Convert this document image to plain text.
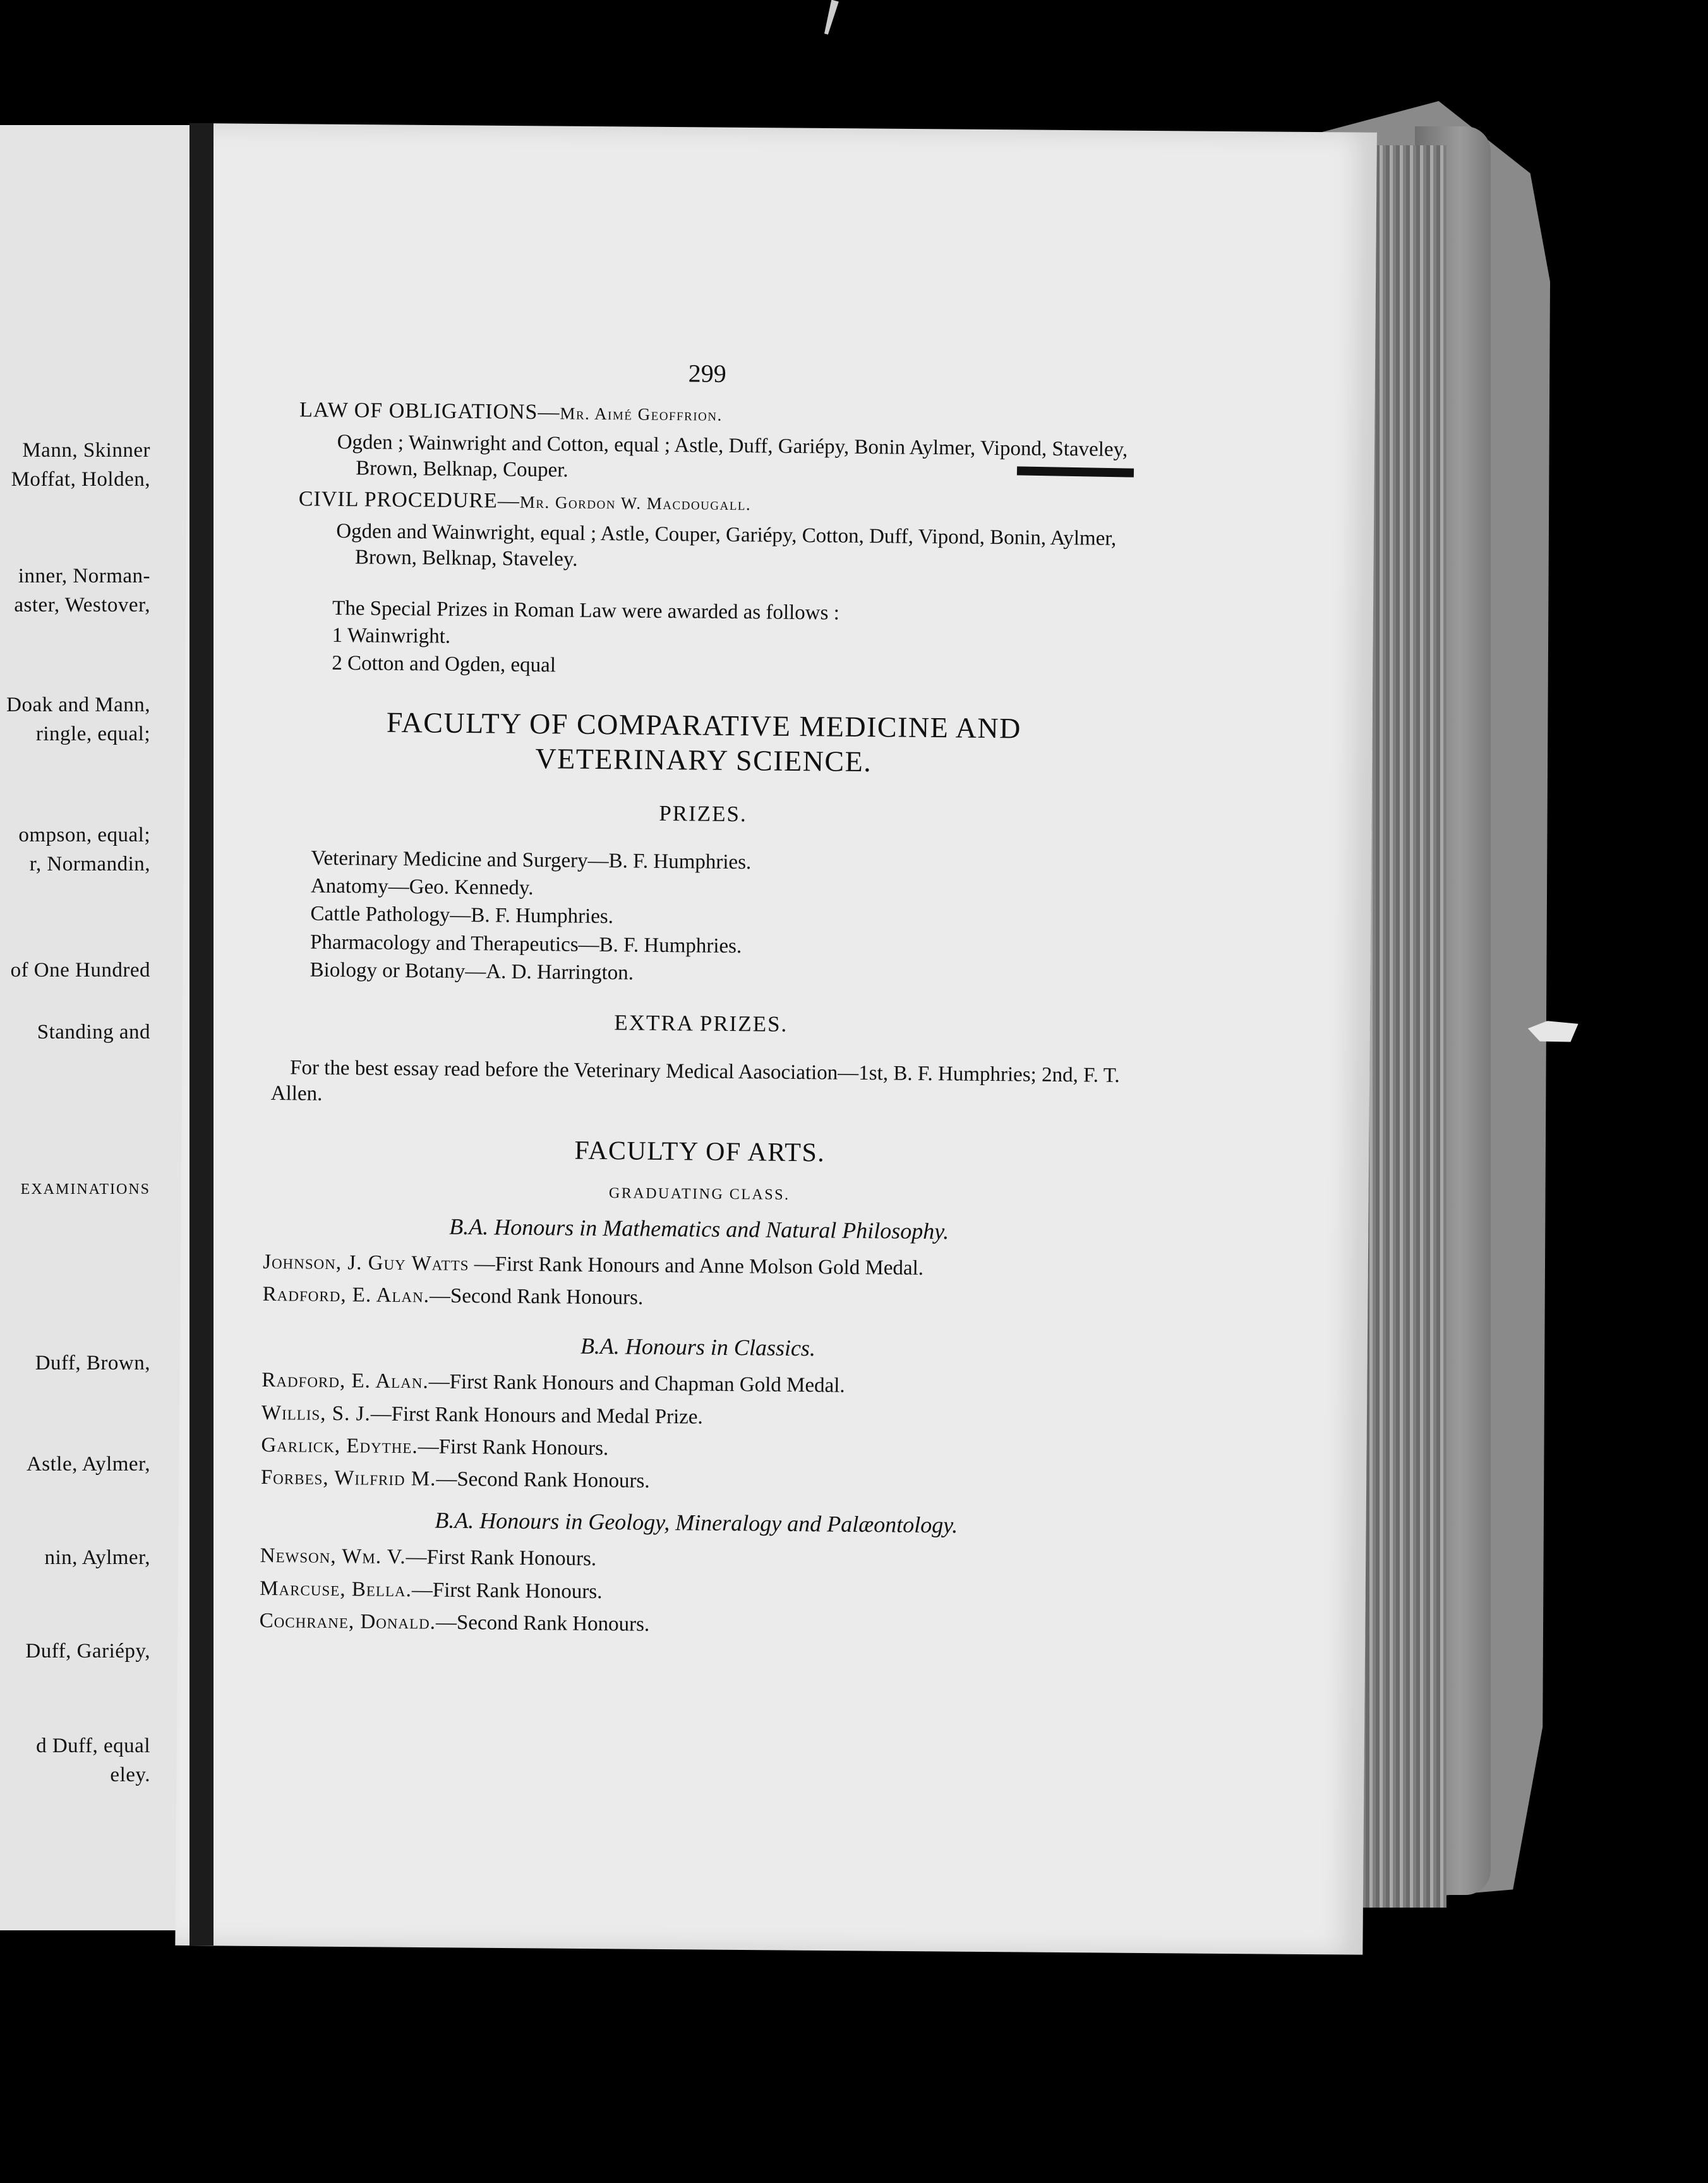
Mann, Skinner
Moffat, Holden,
inner, Norman-
aster, Westover,
Doak and Mann,
ringle, equal;
ompson, equal;
r, Normandin,
of One Hundred
Standing and
EXAMINATIONS
Duff, Brown,
Astle, Aylmer,
nin, Aylmer,
Duff, Gariépy,
d Duff, equal
eley.
299
LAW OF OBLIGATIONS—Mr. Aimé Geoffrion.
Ogden ; Wainwright and Cotton, equal ; Astle, Duff, Gariépy, Bonin Aylmer, Vipond, Staveley, Brown, Belknap, Couper.
CIVIL PROCEDURE—Mr. Gordon W. Macdougall.
Ogden and Wainwright, equal ; Astle, Couper, Gariépy, Cotton, Duff, Vipond, Bonin, Aylmer, Brown, Belknap, Staveley.
The Special Prizes in Roman Law were awarded as follows :
1 Wainwright.
2 Cotton and Ogden, equal
FACULTY OF COMPARATIVE MEDICINE AND
VETERINARY SCIENCE.
PRIZES.
Veterinary Medicine and Surgery—B. F. Humphries.
Anatomy—Geo. Kennedy.
Cattle Pathology—B. F. Humphries.
Pharmacology and Therapeutics—B. F. Humphries.
Biology or Botany—A. D. Harrington.
EXTRA PRIZES.
For the best essay read before the Veterinary Medical Aasociation—1st, B. F. Humphries; 2nd, F. T. Allen.
FACULTY OF ARTS.
GRADUATING CLASS.
B.A. Honours in Mathematics and Natural Philosophy.
Johnson, J. Guy Watts —First Rank Honours and Anne Molson Gold Medal.
Radford, E. Alan.—Second Rank Honours.
B.A. Honours in Classics.
Radford, E. Alan.—First Rank Honours and Chapman Gold Medal.
Willis, S. J.—First Rank Honours and Medal Prize.
Garlick, Edythe.—First Rank Honours.
Forbes, Wilfrid M.—Second Rank Honours.
B.A. Honours in Geology, Mineralogy and Palæontology.
Newson, Wm. V.—First Rank Honours.
Marcuse, Bella.—First Rank Honours.
Cochrane, Donald.—Second Rank Honours.
